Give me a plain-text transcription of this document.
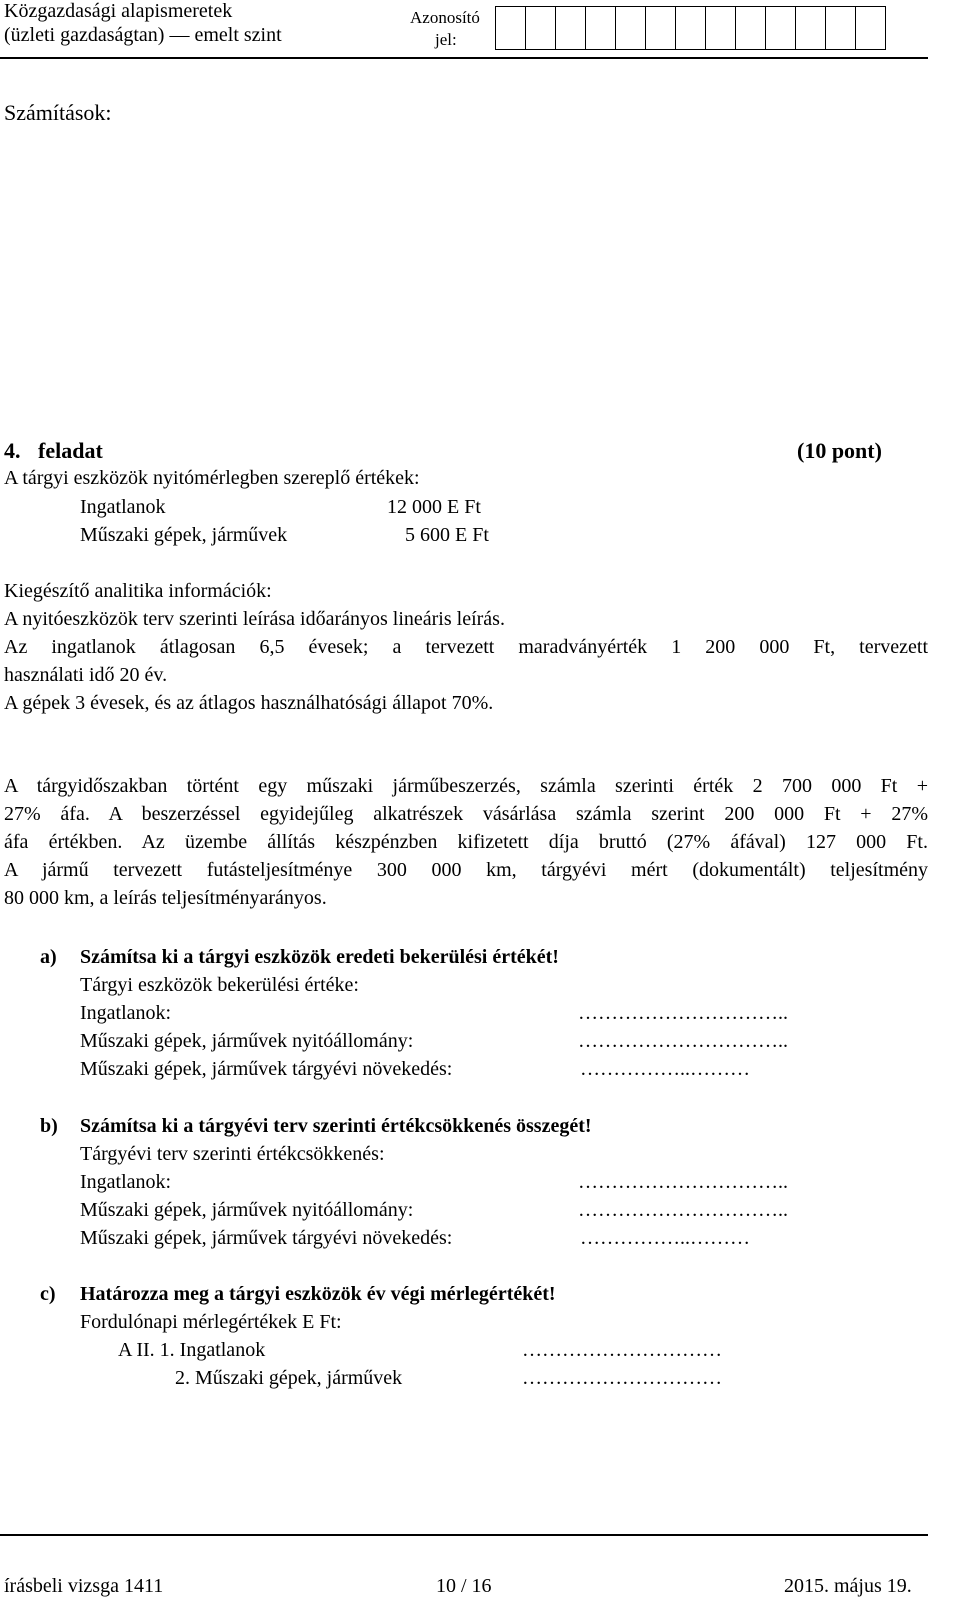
Közgazdasági alapismeretek
(üzleti gazdaságtan) — emelt szint
Azonosító
jel:
Számítások:
4. feladat	(10 pont)
A tárgyi eszközök nyitómérlegben szereplő értékek:
Ingatlanok	12 000 E Ft
Műszaki gépek, járművek	5 600 E Ft
Kiegészítő analitika információk:
A nyitóeszközök terv szerinti leírása időarányos lineáris leírás.
Az ingatlanok átlagosan 6,5 évesek; a tervezett maradványérték 1 200 000 Ft, tervezett
használati idő 20 év.
A gépek 3 évesek, és az átlagos használhatósági állapot 70%.
A tárgyidőszakban történt egy műszaki járműbeszerzés, számla szerinti érték 2 700 000 Ft +
27% áfa. A beszerzéssel egyidejűleg alkatrészek vásárlása számla szerint 200 000 Ft + 27%
áfa értékben. Az üzembe állítás készpénzben kifizetett díja bruttó (27% áfával) 127 000 Ft.
A jármű tervezett futásteljesítménye 300 000 km, tárgyévi mért (dokumentált) teljesítmény
80 000 km, a leírás teljesítményarányos.
a) Számítsa ki a tárgyi eszközök eredeti bekerülési értékét!
Tárgyi eszközök bekerülési értéke:
Ingatlanok:	…………………………..
Műszaki gépek, járművek nyitóállomány:	…………………………..
Műszaki gépek, járművek tárgyévi növekedés:	……………..………
b) Számítsa ki a tárgyévi terv szerinti értékcsökkenés összegét!
Tárgyévi terv szerinti értékcsökkenés:
Ingatlanok:	…………………………..
Műszaki gépek, járművek nyitóállomány:	…………………………..
Műszaki gépek, járművek tárgyévi növekedés:	……………..………
c) Határozza meg a tárgyi eszközök év végi mérlegértékét!
Fordulónapi mérlegértékek E Ft:
A II. 1. Ingatlanok	…………………………
2. Műszaki gépek, járművek	…………………………
írásbeli vizsga 1411	10 / 16	2015. május 19.
